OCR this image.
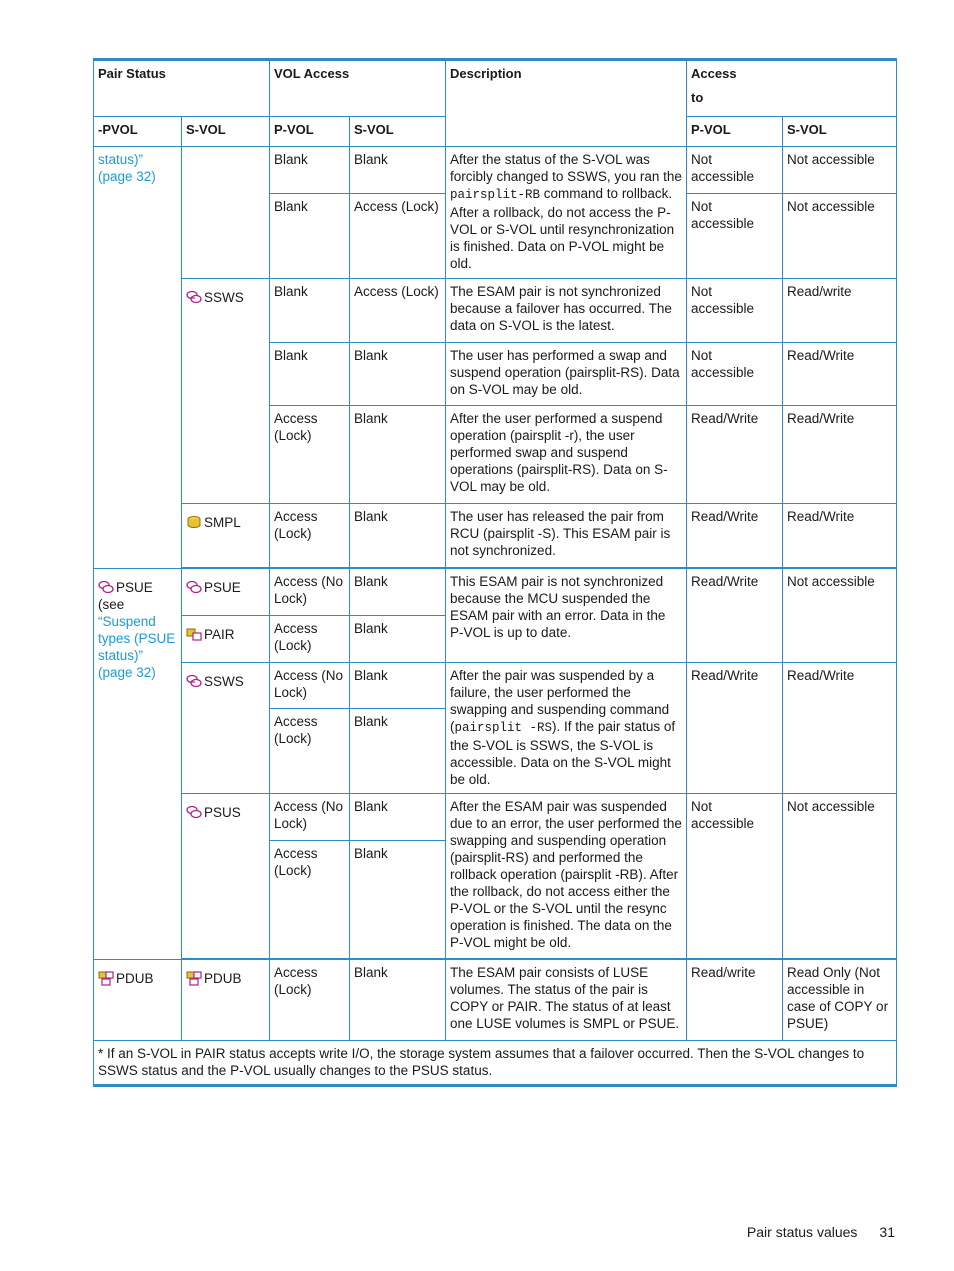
Pair Status		VOL Access		Description	Access
to	

-PVOL	S-VOL	P-VOL	S-VOL		P-VOL	S-VOL
status)” (page 32)		Blank	Blank	After the status of the S-VOL was forcibly changed to SSWS, you ran the pairsplit-RB command to rollback. After a rollback, do not access the P-VOL or S-VOL until resynchronization is finished. Data on P-VOL might be old.	Not accessible	Not accessible
		Blank	Access (Lock)		Not accessible	Not accessible
	SSWS	Blank	Access (Lock)	The ESAM pair is not synchronized because a failover has occurred. The data on S-VOL is the latest.	Not accessible	Read/write
		Blank	Blank	The user has performed a swap and suspend operation (pairsplit-RS). Data on S-VOL may be old.	Not accessible	Read/Write
		Access (Lock)	Blank	After the user performed a suspend operation (pairsplit -r), the user performed swap and suspend operations (pairsplit-RS). Data on S-VOL may be old.	Read/Write	Read/Write
	SMPL	Access (Lock)	Blank	The user has released the pair from RCU (pairsplit -S). This ESAM pair is not synchronized.	Read/Write	Read/Write

PSUE
(see
“Suspend types (PSUE status)” (page 32)	PSUE	Access (No Lock)	Blank	This ESAM pair is not synchronized because the MCU suspended the ESAM pair with an error. Data in the P-VOL is up to date.	Read/Write	Not accessible
	PAIR	Access (Lock)	Blank			
	SSWS	Access (No Lock)	Blank	After the pair was suspended by a failure, the user performed the swapping and suspending command (pairsplit -RS). If the pair status of the S-VOL is SSWS, the S-VOL is accessible. Data on the S-VOL might be old.	Read/Write	Read/Write
		Access (Lock)	Blank			
	PSUS	Access (No Lock)	Blank	After the ESAM pair was suspended due to an error, the user performed the swapping and suspending operation (pairsplit-RS) and performed the rollback operation (pairsplit -RB). After the rollback, do not access either the P-VOL or the S-VOL until the resync operation is finished. The data on the P-VOL might be old.	Not accessible	Not accessible
		Access (Lock)	Blank			

PDUB	PDUB	Access (Lock)	Blank	The ESAM pair consists of LUSE volumes. The status of the pair is COPY or PAIR. The status of at least one LUSE volumes is SMPL or PSUE.	Read/write	Read Only (Not accessible in case of COPY or PSUE)
* If an S-VOL in PAIR status accepts write I/O, the storage system assumes that a failover occurred. Then the S-VOL changes to SSWS status and the P-VOL usually changes to the PSUS status.						
Pair status values 31
